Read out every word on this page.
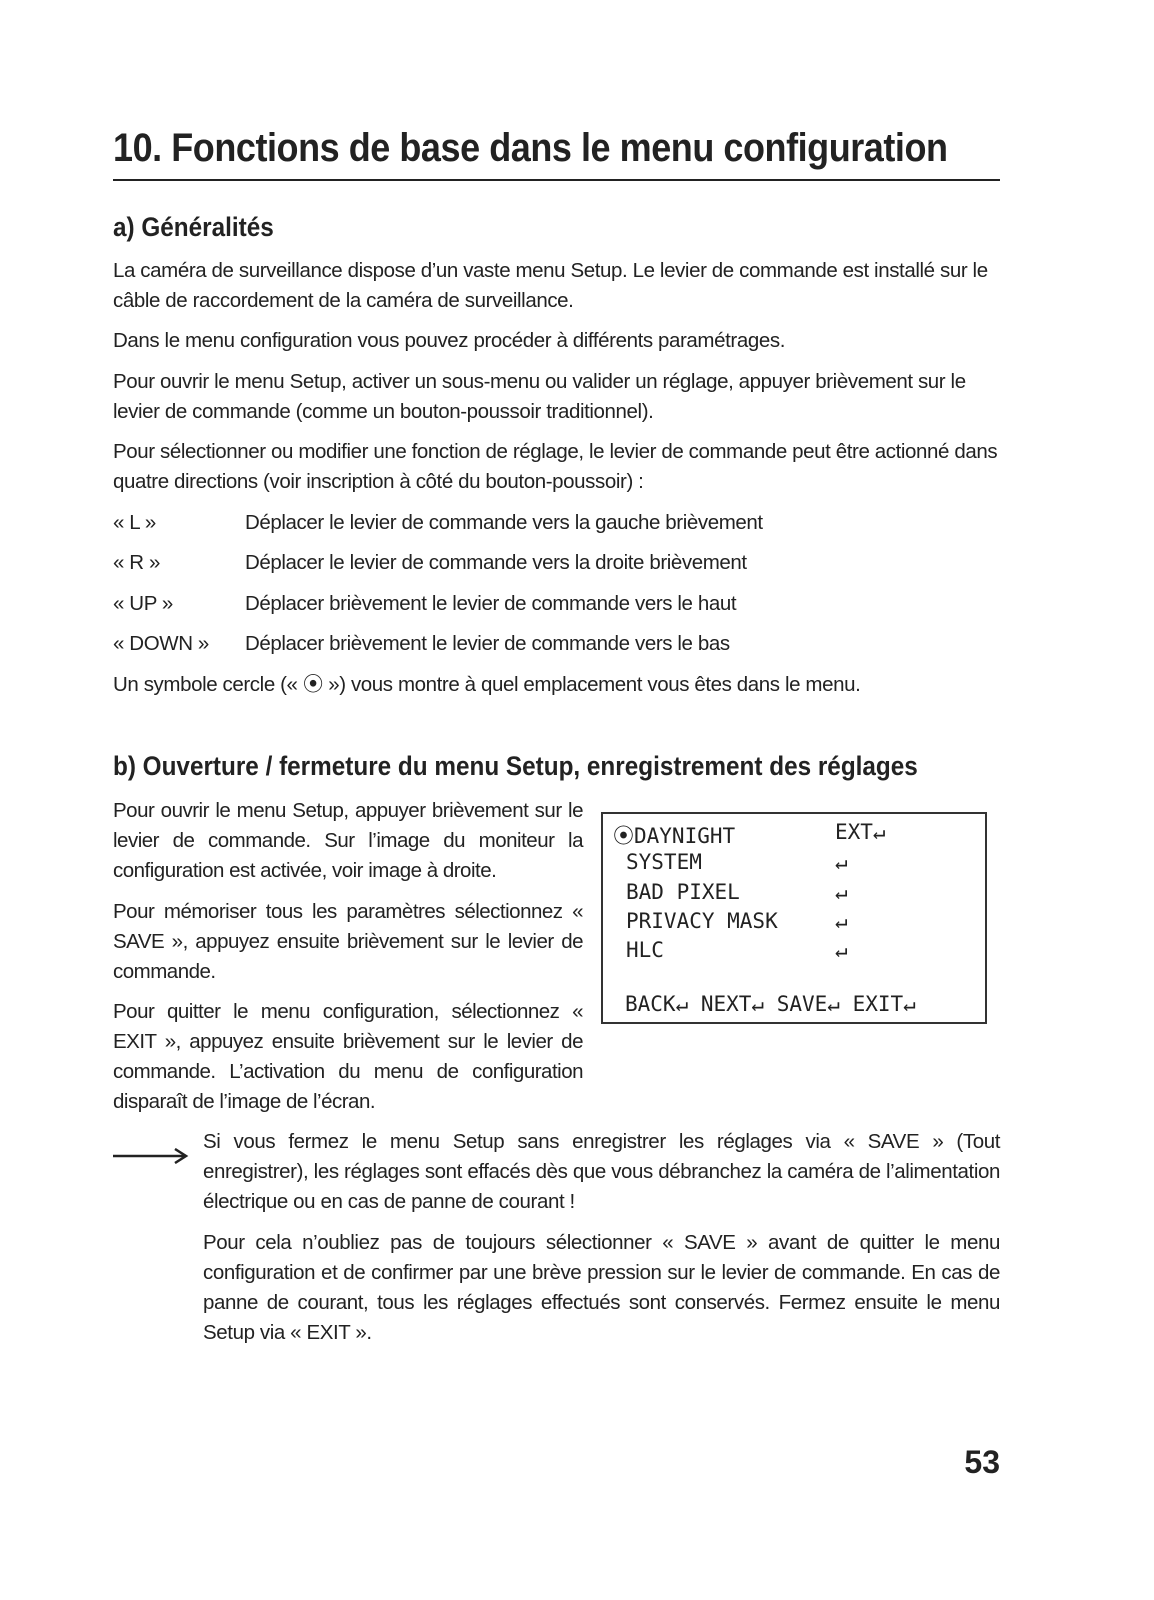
10. Fonctions de base dans le menu configuration
a) Généralités

La caméra de surveillance dispose d’un vaste menu Setup. Le levier de commande est installé sur le câble de raccordement de la caméra de surveillance.

Dans le menu configuration vous pouvez procéder à différents paramétrages.

Pour ouvrir le menu Setup, activer un sous-menu ou valider un réglage, appuyer brièvement sur le levier de commande (comme un bouton-poussoir traditionnel).

Pour sélectionner ou modifier une fonction de réglage, le levier de commande peut être actionné dans quatre directions (voir inscription à côté du bouton-poussoir) :

« L »	Déplacer le levier de commande vers la gauche brièvement
« R »	Déplacer le levier de commande vers la droite brièvement
« UP »	Déplacer brièvement le levier de commande vers le haut
« DOWN » Déplacer brièvement le levier de commande vers le bas

Un symbole cercle (« ⦿ ») vous montre à quel emplacement vous êtes dans le menu.

b) Ouverture / fermeture du menu Setup, enregistrement des réglages
Pour ouvrir le menu Setup, appuyer brièvement sur le levier de commande. Sur l’image du moniteur la configuration est activée, voir image à droite.
Pour mémoriser tous les paramètres sélectionnez « SAVE », appuyez ensuite brièvement sur le levier de commande.
Pour quitter le menu configuration, sélectionnez « EXIT », appuyez ensuite brièvement sur le levier de commande. L’activation du menu de configuration disparaît de l’image de l’écran.
⦿DAYNIGHT	EXT↵
SYSTEM	↵
BAD PIXEL	↵
PRIVACY MASK	↵
HLC	↵
BACK↵ NEXT↵ SAVE↵ EXIT↵
Si vous fermez le menu Setup sans enregistrer les réglages via « SAVE » (Tout enregistrer), les réglages sont effacés dès que vous débranchez la caméra de l’alimentation électrique ou en cas de panne de courant !
Pour cela n’oubliez pas de toujours sélectionner « SAVE » avant de quitter le menu configuration et de confirmer par une brève pression sur le levier de commande. En cas de panne de courant, tous les réglages effectués sont conservés. Fermez ensuite le menu Setup via « EXIT ».
53
